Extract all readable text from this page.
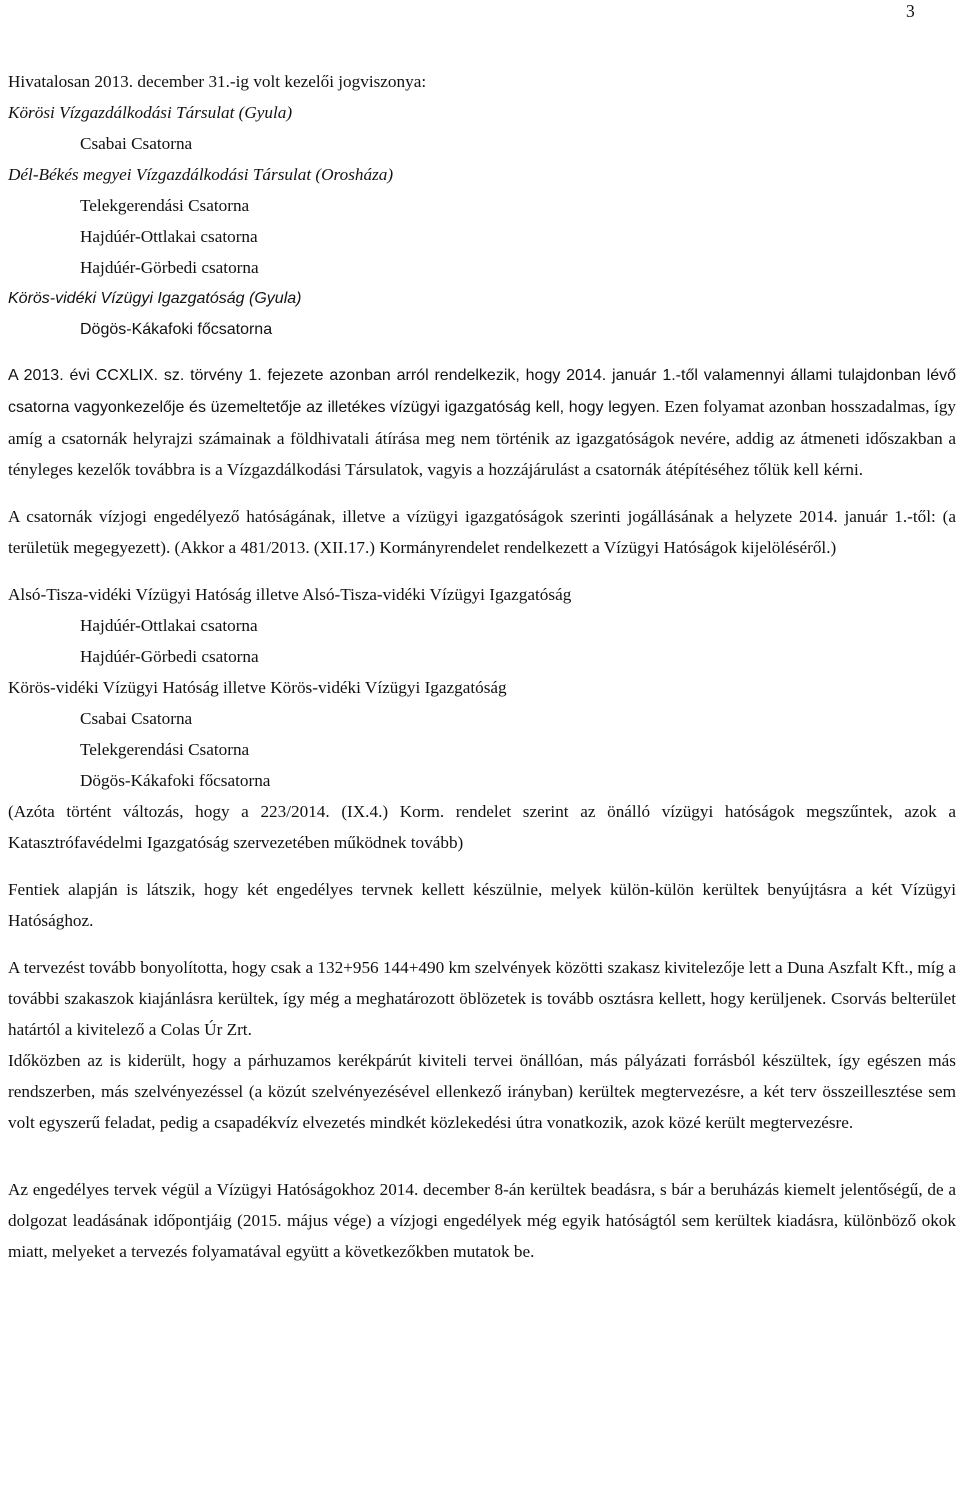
3
Hivatalosan 2013. december 31.-ig volt kezelői jogviszonya:
Körösi Vízgazdálkodási Társulat (Gyula)
Csabai Csatorna
Dél-Békés megyei Vízgazdálkodási Társulat (Orosháza)
Telekgerendási Csatorna
Hajdúér-Ottlakai csatorna
Hajdúér-Görbedi csatorna
Körös-vidéki Vízügyi Igazgatóság (Gyula)
Dögös-Kákafoki főcsatorna
A 2013. évi CCXLIX. sz. törvény 1. fejezete azonban arról rendelkezik, hogy 2014. január 1.-től valamennyi állami tulajdonban lévő csatorna vagyonkezelője és üzemeltetője az illetékes vízügyi igazgatóság kell, hogy legyen. Ezen folyamat azonban hosszadalmas, így amíg a csatornák helyrajzi számainak a földhivatali átírása meg nem történik az igazgatóságok nevére, addig az átmeneti időszakban a tényleges kezelők továbbra is a Vízgazdálkodási Társulatok, vagyis a hozzájárulást a csatornák átépítéséhez tőlük kell kérni.
A csatornák vízjogi engedélyező hatóságának, illetve a vízügyi igazgatóságok szerinti jogállásának a helyzete 2014. január 1.-től: (a területük megegyezett). (Akkor a 481/2013. (XII.17.) Kormányrendelet rendelkezett a Vízügyi Hatóságok kijelöléséről.)
Alsó-Tisza-vidéki Vízügyi Hatóság illetve Alsó-Tisza-vidéki Vízügyi Igazgatóság
Hajdúér-Ottlakai csatorna
Hajdúér-Görbedi csatorna
Körös-vidéki Vízügyi Hatóság illetve Körös-vidéki Vízügyi Igazgatóság
Csabai Csatorna
Telekgerendási Csatorna
Dögös-Kákafoki főcsatorna
(Azóta történt változás, hogy a 223/2014. (IX.4.) Korm. rendelet szerint az önálló vízügyi hatóságok megszűntek, azok a Katasztrófavédelmi Igazgatóság szervezetében működnek tovább)
Fentiek alapján is látszik, hogy két engedélyes tervnek kellett készülnie, melyek külön-külön kerültek benyújtásra a két Vízügyi Hatósághoz.
A tervezést tovább bonyolította, hogy csak a 132+956 144+490 km szelvények közötti szakasz kivitelezője lett a Duna Aszfalt Kft., míg a további szakaszok kiajánlásra kerültek, így még a meghatározott öblözetek is tovább osztásra kellett, hogy kerüljenek. Csorvás belterület határtól a kivitelező a Colas Úr Zrt.
Időközben az is kiderült, hogy a párhuzamos kerékpárút kiviteli tervei önállóan, más pályázati forrásból készültek, így egészen más rendszerben, más szelvényezéssel (a közút szelvényezésével ellenkező irányban) kerültek megtervezésre, a két terv összeillesztése sem volt egyszerű feladat, pedig a csapadékvíz elvezetés mindkét közlekedési útra vonatkozik, azok közé került megtervezésre.
Az engedélyes tervek végül a Vízügyi Hatóságokhoz 2014. december 8-án kerültek beadásra, s bár a beruházás kiemelt jelentőségű, de a dolgozat leadásának időpontjáig (2015. május vége) a vízjogi engedélyek még egyik hatóságtól sem kerültek kiadásra, különböző okok miatt, melyeket a tervezés folyamatával együtt a következőkben mutatok be.
